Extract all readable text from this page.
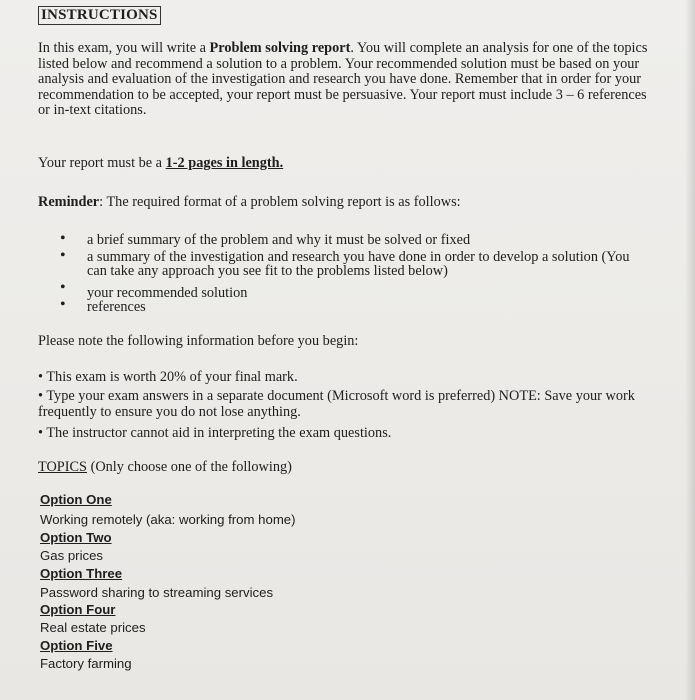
INSTRUCTIONS
In this exam, you will write a Problem solving report. You will complete an analysis for one of the topics listed below and recommend a solution to a problem. Your recommended solution must be based on your analysis and evaluation of the investigation and research you have done. Remember that in order for your recommendation to be accepted, your report must be persuasive. Your report must include 3 – 6 references or in-text citations.
Your report must be a 1-2 pages in length.
Reminder: The required format of a problem solving report is as follows:
• a brief summary of the problem and why it must be solved or fixed
• a summary of the investigation and research you have done in order to develop a solution (You can take any approach you see fit to the problems listed below)
• your recommended solution
• references
Please note the following information before you begin:
• This exam is worth 20% of your final mark.
• Type your exam answers in a separate document (Microsoft word is preferred) NOTE: Save your work frequently to ensure you do not lose anything.
• The instructor cannot aid in interpreting the exam questions.
TOPICS (Only choose one of the following)
Option One
Working remotely (aka: working from home)
Option Two
Gas prices
Option Three
Password sharing to streaming services
Option Four
Real estate prices
Option Five
Factory farming
